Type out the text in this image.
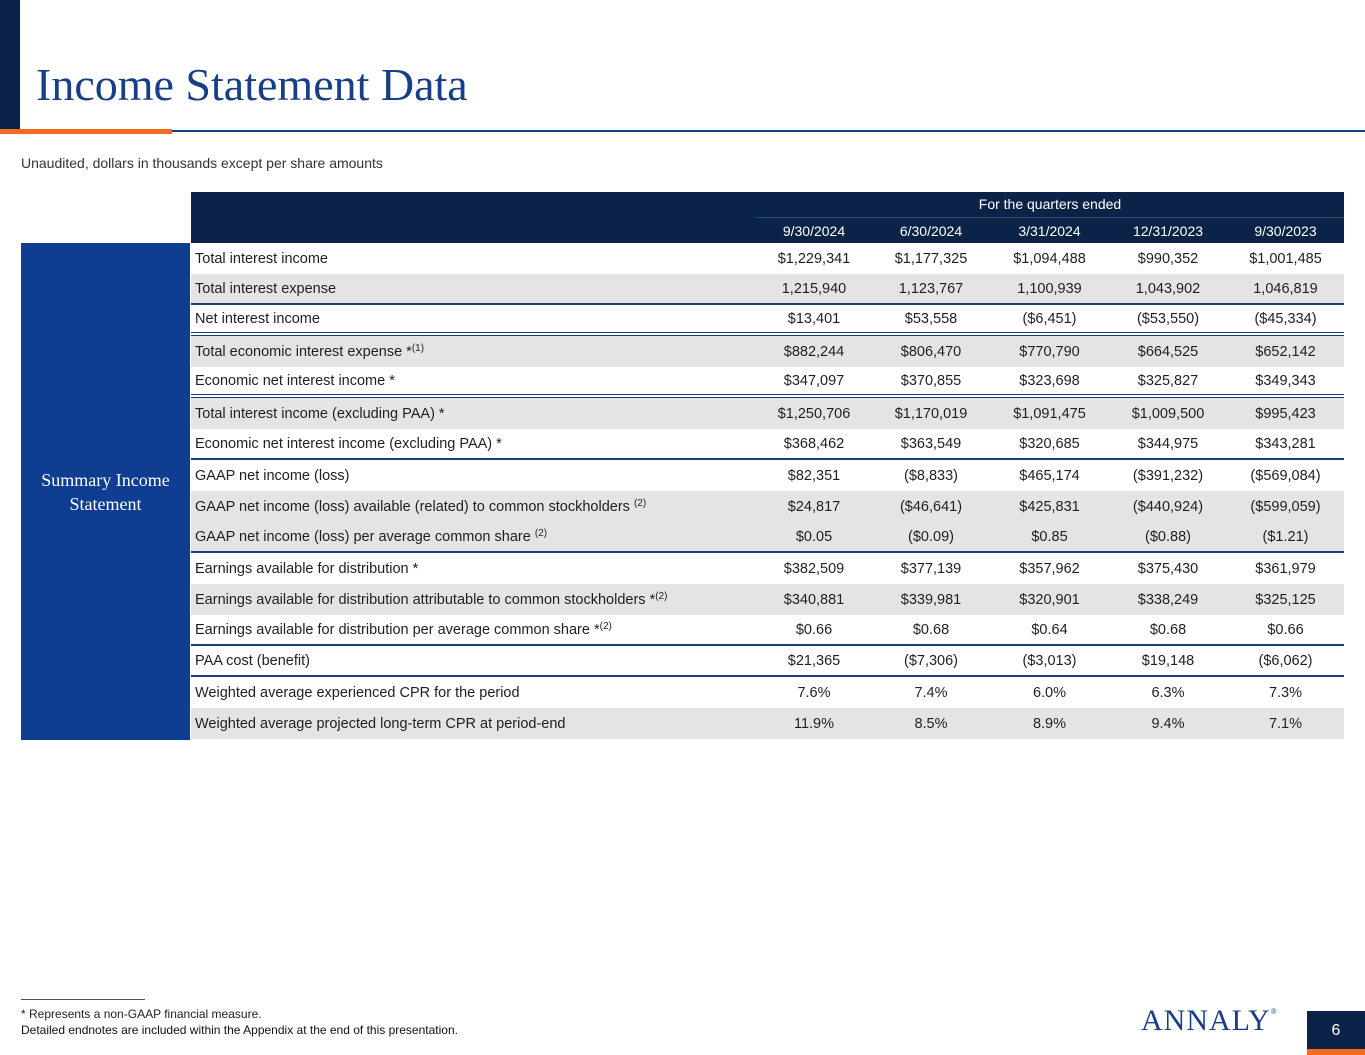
Income Statement Data
Unaudited, dollars in thousands except per share amounts
For the quarters ended
9/30/2024	6/30/2024	3/31/2024	12/31/2023	9/30/2023
Summary Income Statement
Total interest income	$1,229,341	$1,177,325	$1,094,488	$990,352	$1,001,485
Total interest expense	1,215,940	1,123,767	1,100,939	1,043,902	1,046,819
Net interest income	$13,401	$53,558	($6,451)	($53,550)	($45,334)
Total economic interest expense *$^{(1)}$	$882,244	$806,470	$770,790	$664,525	$652,142
Economic net interest income *	$347,097	$370,855	$323,698	$325,827	$349,343
Total interest income (excluding PAA) *	$1,250,706	$1,170,019	$1,091,475	$1,009,500	$995,423
Economic net interest income (excluding PAA) *	$368,462	$363,549	$320,685	$344,975	$343,281
GAAP net income (loss)	$82,351	($8,833)	$465,174	($391,232)	($569,084)
GAAP net income (loss) available (related) to common stockholders $^{(2)}$	$24,817	($46,641)	$425,831	($440,924)	($599,059)
GAAP net income (loss) per average common share $^{(2)}$	$0.05	($0.09)	$0.85	($0.88)	($1.21)
Earnings available for distribution *	$382,509	$377,139	$357,962	$375,430	$361,979
Earnings available for distribution attributable to common stockholders *$^{(2)}$	$340,881	$339,981	$320,901	$338,249	$325,125
Earnings available for distribution per average common share *$^{(2)}$	$0.66	$0.68	$0.64	$0.68	$0.66
PAA cost (benefit)	$21,365	($7,306)	($3,013)	$19,148	($6,062)
Weighted average experienced CPR for the period	7.6%	7.4%	6.0%	6.3%	7.3%
Weighted average projected long-term CPR at period-end	11.9%	8.5%	8.9%	9.4%	7.1%
* Represents a non-GAAP financial measure.
Detailed endnotes are included within the Appendix at the end of this presentation.	ANNALY®
6
